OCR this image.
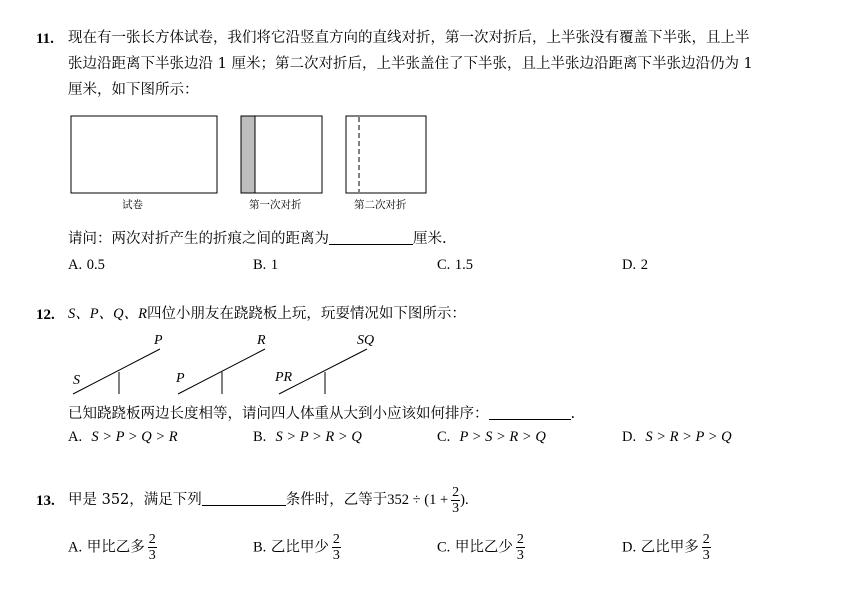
11. 现在有一张长方体试卷，我们将它沿竖直方向的直线对折，第一次对折后，上半张没有覆盖下半张，且上半
张边沿距离下半张边沿 1 厘米；第二次对折后，上半张盖住了下半张，且上半张边沿距离下半张边沿仍为 1
厘米，如下图所示：
试卷	第一次对折	第二次对折
请问：两次对折产生的折痕之间的距离为	厘米.
A. 0.5	B. 1	C. 1.5	D. 2
12. S、P、Q、R四位小朋友在跷跷板上玩，玩耍情况如下图所示：
P
S
R
P
SQ
PR
已知跷跷板两边长度相等，请问四人体重从大到小应该如何排序：	.
A. S > P > Q > R	B. S > P > R > Q	C. P > S > R > Q	D. S > R > P > Q
13. 甲是 352，满足下列	条件时，乙等于$352 \div (1 + \frac{2}{3}$ ).
A. 甲比乙多 $\frac{2}{3}$	B. 乙比甲少 $\frac{2}{3}$	C. 甲比乙少 $\frac{2}{3}$	D. 乙比甲多 $\frac{2}{3}$
